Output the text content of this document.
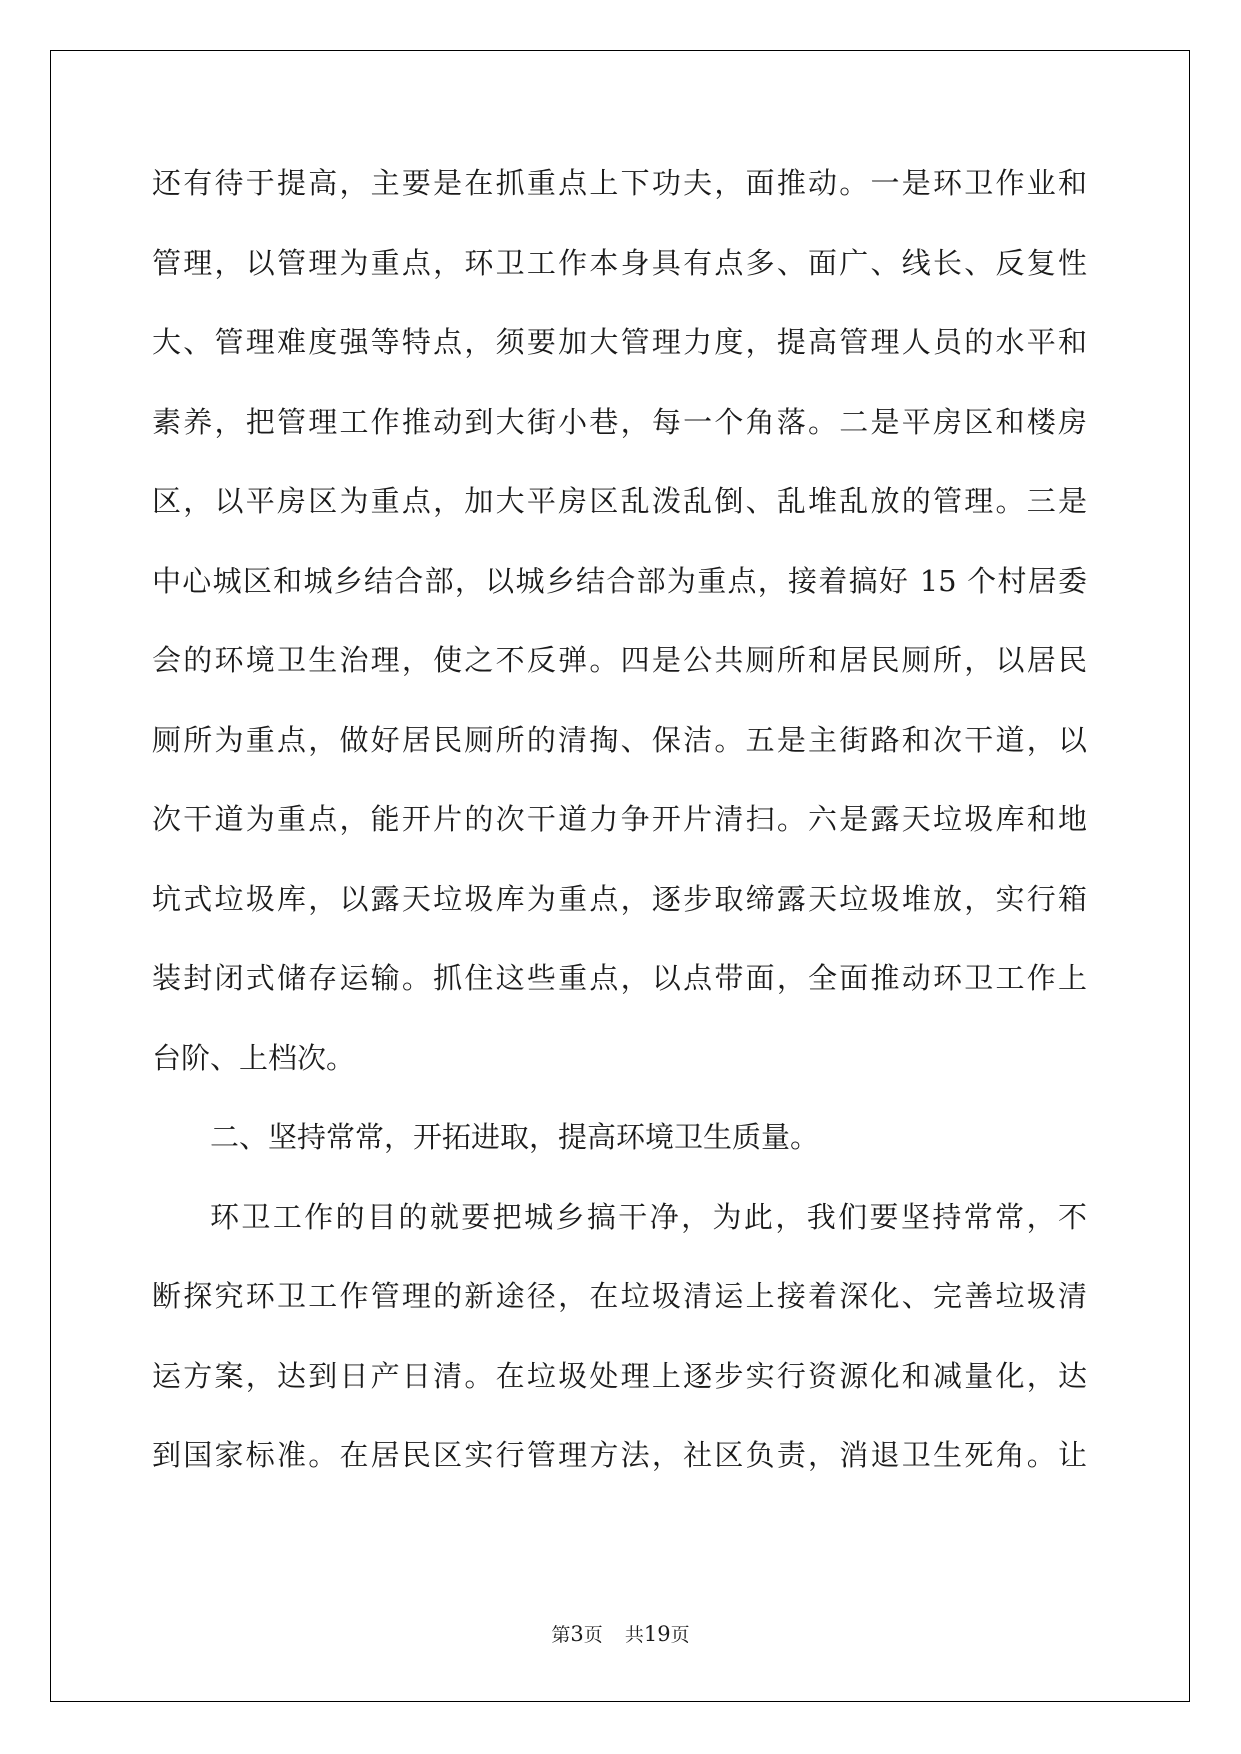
还有待于提高，主要是在抓重点上下功夫，面推动。一是环卫作业和
管理，以管理为重点，环卫工作本身具有点多、面广、线长、反复性
大、管理难度强等特点，须要加大管理力度，提高管理人员的水平和
素养，把管理工作推动到大街小巷，每一个角落。二是平房区和楼房
区，以平房区为重点，加大平房区乱泼乱倒、乱堆乱放的管理。三是
中心城区和城乡结合部，以城乡结合部为重点，接着搞好 15 个村居委
会的环境卫生治理，使之不反弹。四是公共厕所和居民厕所，以居民
厕所为重点，做好居民厕所的清掏、保洁。五是主街路和次干道，以
次干道为重点，能开片的次干道力争开片清扫。六是露天垃圾库和地
坑式垃圾库，以露天垃圾库为重点，逐步取缔露天垃圾堆放，实行箱
装封闭式储存运输。抓住这些重点，以点带面，全面推动环卫工作上
台阶、上档次。
二、坚持常常，开拓进取，提高环境卫生质量。
环卫工作的目的就要把城乡搞干净，为此，我们要坚持常常，不
断探究环卫工作管理的新途径，在垃圾清运上接着深化、完善垃圾清
运方案，达到日产日清。在垃圾处理上逐步实行资源化和减量化，达
到国家标准。在居民区实行管理方法，社区负责，消退卫生死角。让
第3页 共19页
